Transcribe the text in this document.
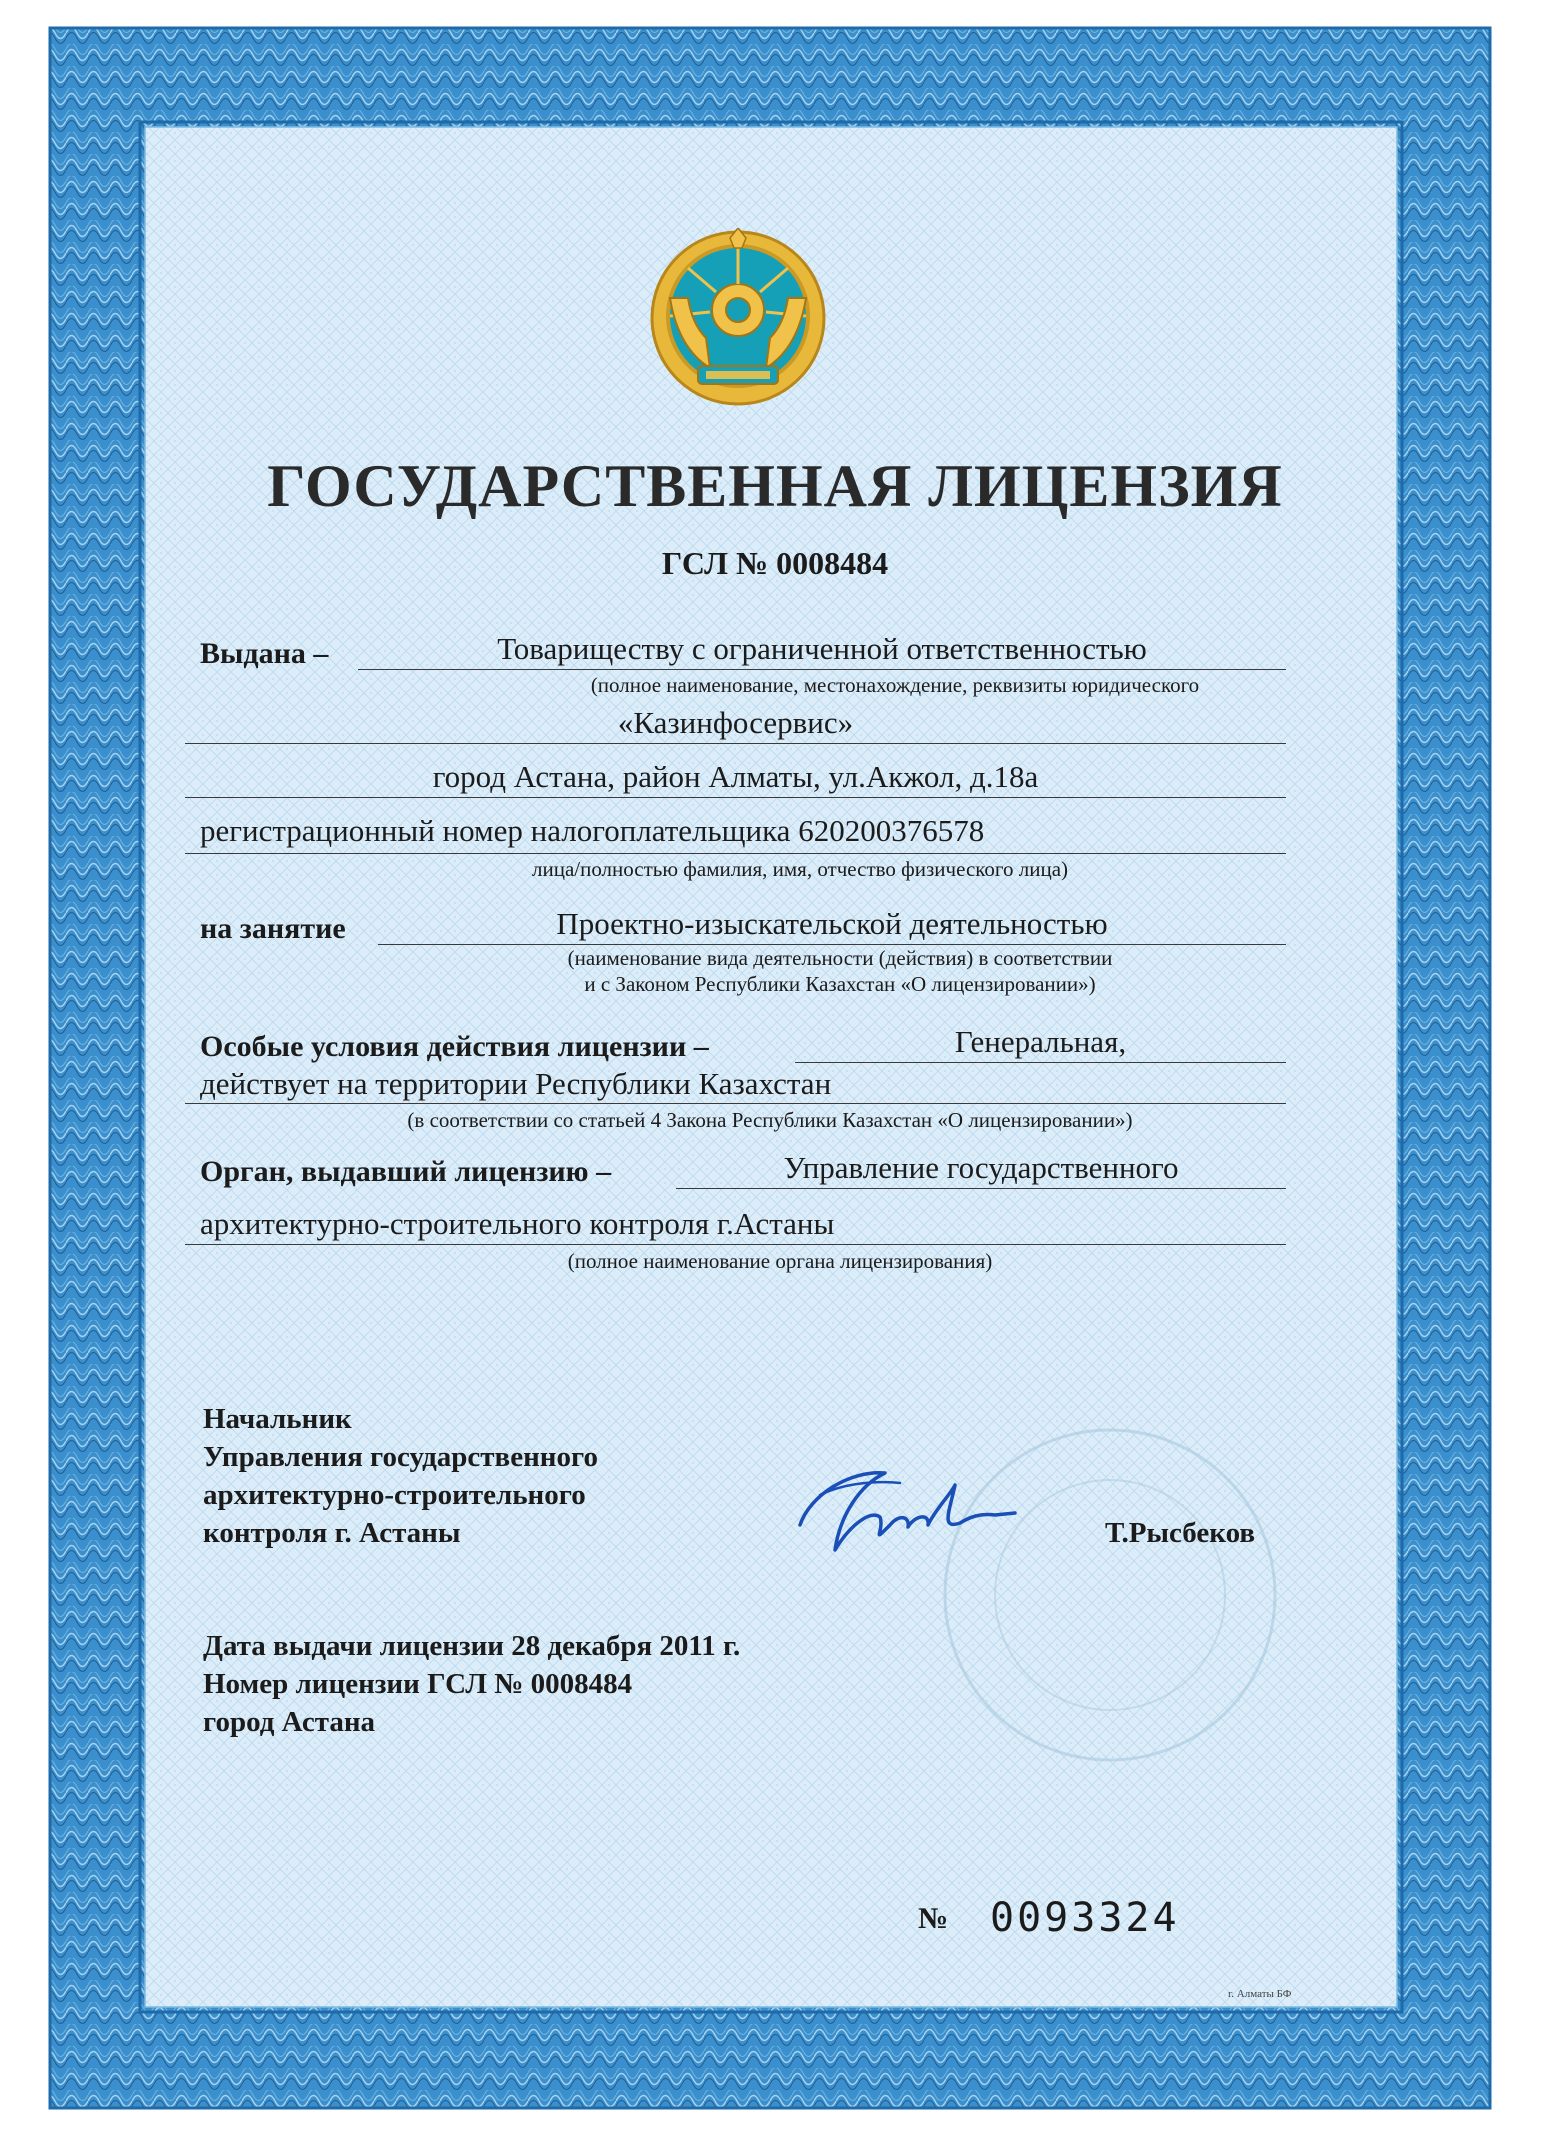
ГОСУДАРСТВЕННАЯ ЛИЦЕНЗИЯ
ГСЛ № 0008484
Выдана –	Товариществу с ограниченной ответственностью
(полное наименование, местонахождение, реквизиты юридического
«Казинфосервис»
город Астана, район Алматы, ул.Акжол, д.18а
регистрационный номер налогоплательщика 620200376578
лица/полностью фамилия, имя, отчество физического лица)
на занятие	Проектно-изыскательской деятельностью
(наименование вида деятельности (действия) в соответствии
и с Законом Республики Казахстан «О лицензировании»)
Особые условия действия лицензии –	Генеральная,
действует на территории Республики Казахстан
(в соответствии со статьей 4 Закона Республики Казахстан «О лицензировании»)
Орган, выдавший лицензию –	Управление государственного
архитектурно-строительного контроля г.Астаны
(полное наименование органа лицензирования)
Начальник
Управления государственного
архитектурно-строительного
контроля г. Астаны	Т.Рысбеков
Дата выдачи лицензии 28 декабря 2011 г.
Номер лицензии ГСЛ № 0008484
город Астана
№ 0093324
г. Алматы БФ
